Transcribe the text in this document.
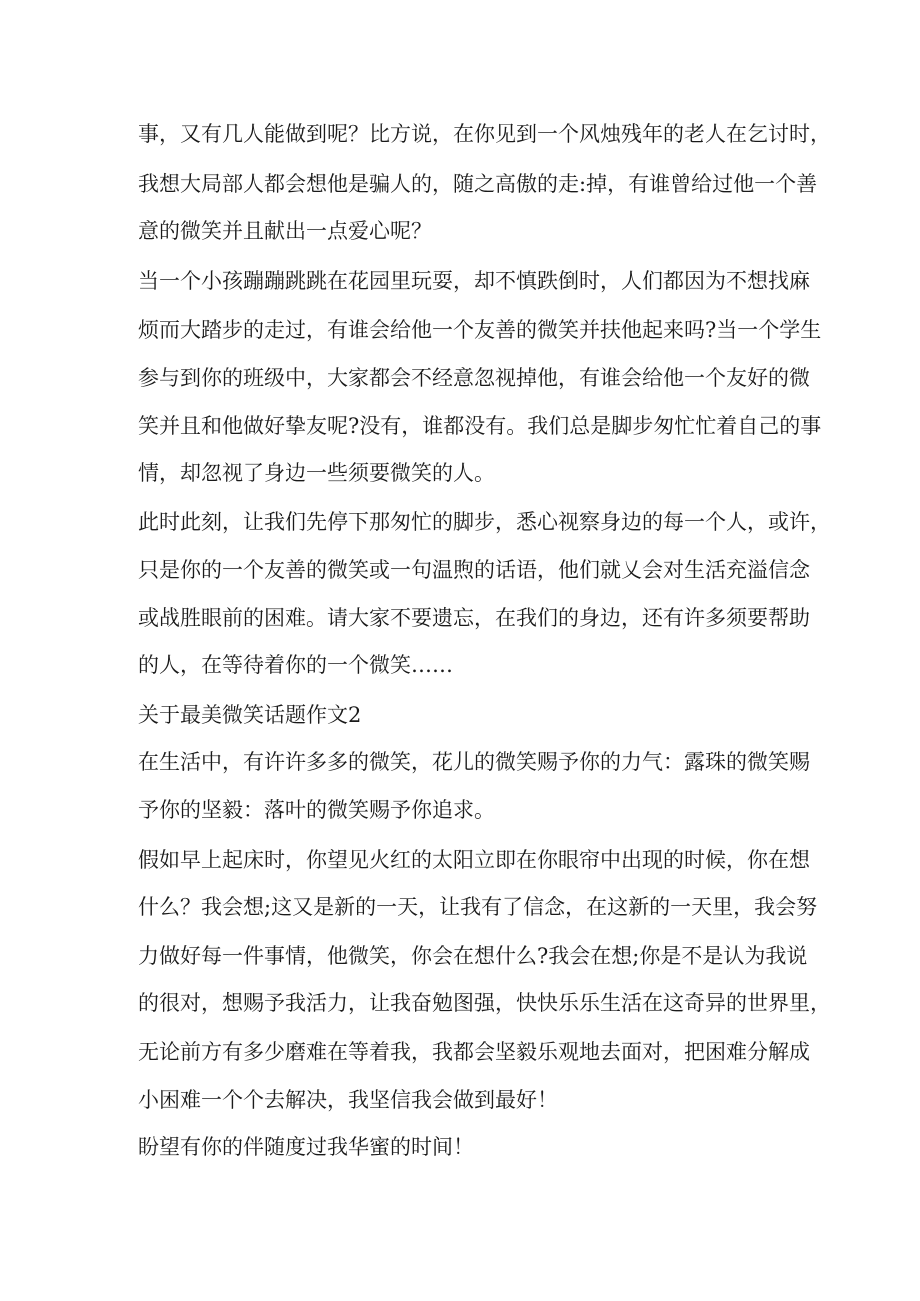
事，又有几人能做到呢？比方说，在你见到一个风烛残年的老人在乞讨时，
我想大局部人都会想他是骗人的，随之高傲的走:掉，有谁曾给过他一个善
意的微笑并且献出一点爱心呢？
当一个小孩蹦蹦跳跳在花园里玩耍，却不慎跌倒时，人们都因为不想找麻
烦而大踏步的走过，有谁会给他一个友善的微笑并扶他起来吗?当一个学生
参与到你的班级中，大家都会不经意忽视掉他，有谁会给他一个友好的微
笑并且和他做好挚友呢?没有，谁都没有。我们总是脚步匆忙忙着自己的事
情，却忽视了身边一些须要微笑的人。
此时此刻，让我们先停下那匆忙的脚步，悉心视察身边的每一个人，或许，
只是你的一个友善的微笑或一句温煦的话语，他们就乂会对生活充溢信念
或战胜眼前的困难。请大家不要遗忘，在我们的身边，还有许多须要帮助
的人，在等待着你的一个微笑……
关于最美微笑话题作文2
在生活中，有许许多多的微笑，花儿的微笑赐予你的力气：露珠的微笑赐
予你的坚毅：落叶的微笑赐予你追求。
假如早上起床时，你望见火红的太阳立即在你眼帘中出现的时候，你在想
什么？我会想;这又是新的一天，让我有了信念，在这新的一天里，我会努
力做好每一件事情，他微笑，你会在想什么?我会在想;你是不是认为我说
的很对，想赐予我活力，让我奋勉图强，快快乐乐生活在这奇异的世界里，
无论前方有多少磨难在等着我，我都会坚毅乐观地去面对，把困难分解成
小困难一个个去解决，我坚信我会做到最好！
盼望有你的伴随度过我华蜜的时间！
